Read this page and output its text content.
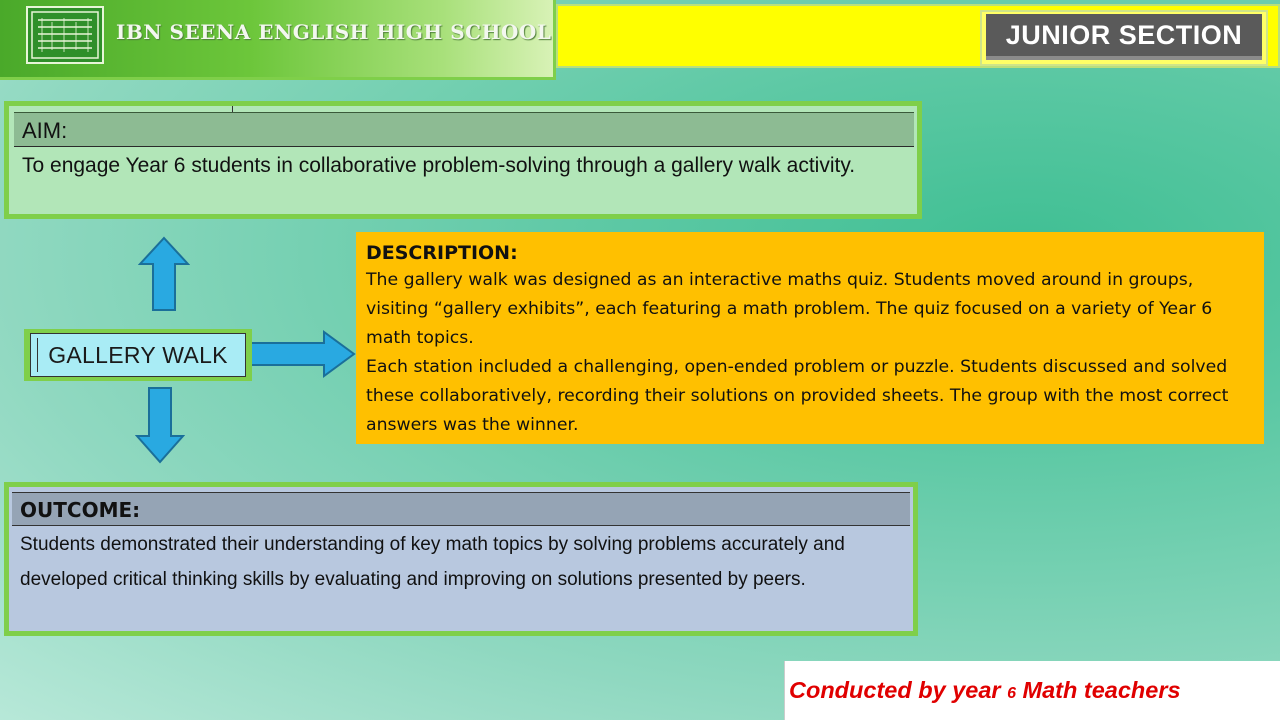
IBN SEENA ENGLISH HIGH SCHOOL	JUNIOR SECTION
AIM:
To engage Year 6 students in collaborative problem-solving through a gallery walk activity.
GALLERY WALK
DESCRIPTION:
The gallery walk was designed as an interactive maths quiz. Students moved around in groups, visiting “gallery exhibits”, each featuring a math problem. The quiz focused on a variety of Year 6 math topics.
Each station included a challenging, open-ended problem or puzzle. Students discussed and solved these collaboratively, recording their solutions on provided sheets. The group with the most correct answers was the winner.
OUTCOME:
Students demonstrated their understanding of key math topics by solving problems accurately and developed critical thinking skills by evaluating and improving on solutions presented by peers.
Conducted by year 6 Math teachers
